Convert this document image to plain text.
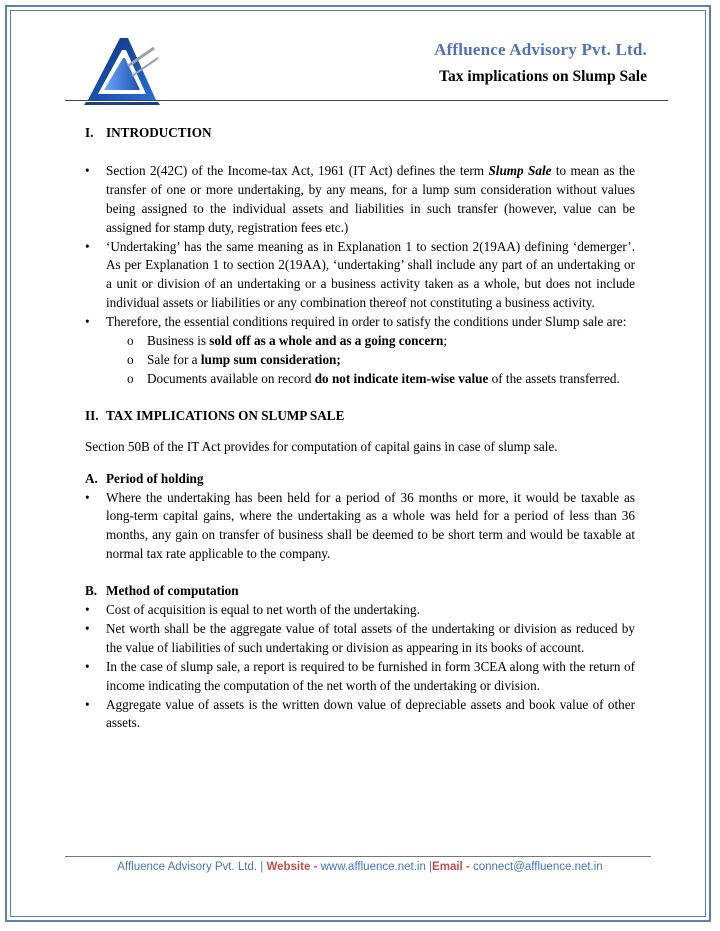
Affluence Advisory Pvt. Ltd.
Tax implications on Slump Sale
I. INTRODUCTION
• Section 2(42C) of the Income-tax Act, 1961 (IT Act) defines the term Slump Sale to mean as the transfer of one or more undertaking, by any means, for a lump sum consideration without values being assigned to the individual assets and liabilities in such transfer (however, value can be assigned for stamp duty, registration fees etc.)
• ‘Undertaking’ has the same meaning as in Explanation 1 to section 2(19AA) defining ‘demerger’. As per Explanation 1 to section 2(19AA), ‘undertaking’ shall include any part of an undertaking or a unit or division of an undertaking or a business activity taken as a whole, but does not include individual assets or liabilities or any combination thereof not constituting a business activity.
• Therefore, the essential conditions required in order to satisfy the conditions under Slump sale are:
o Business is sold off as a whole and as a going concern;
o Sale for a lump sum consideration;
o Documents available on record do not indicate item-wise value of the assets transferred.
II. TAX IMPLICATIONS ON SLUMP SALE

Section 50B of the IT Act provides for computation of capital gains in case of slump sale.

A. Period of holding
• Where the undertaking has been held for a period of 36 months or more, it would be taxable as long-term capital gains, where the undertaking as a whole was held for a period of less than 36 months, any gain on transfer of business shall be deemed to be short term and would be taxable at normal tax rate applicable to the company.
B. Method of computation
• Cost of acquisition is equal to net worth of the undertaking.
• Net worth shall be the aggregate value of total assets of the undertaking or division as reduced by the value of liabilities of such undertaking or division as appearing in its books of account.
• In the case of slump sale, a report is required to be furnished in form 3CEA along with the return of income indicating the computation of the net worth of the undertaking or division.
• Aggregate value of assets is the written down value of depreciable assets and book value of other assets.
Affluence Advisory Pvt. Ltd. | Website - www.affluence.net.in |Email - connect@affluence.net.in
